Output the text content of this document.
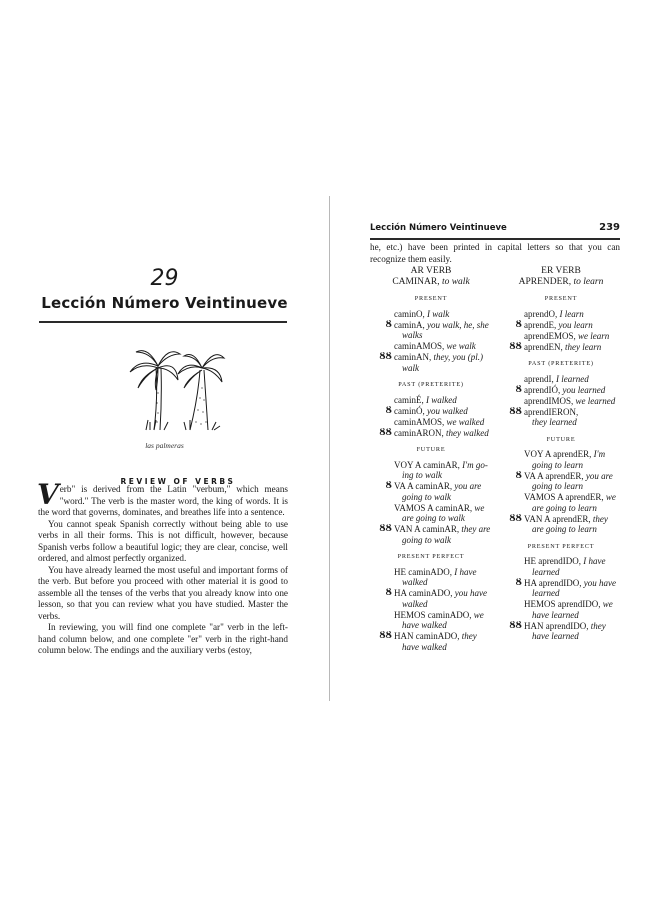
29
Lección Número Veintinueve
las palmeras
REVIEW OF VERBS

Verb" is derived from the Latin "verbum," which means "word." The verb is the master word, the king of words. It is the word that governs, dominates, and breathes life into a sentence.

You cannot speak Spanish correctly without being able to use verbs in all their forms. This is not difficult, however, because Spanish verbs follow a beautiful logic; they are clear, concise, well ordered, and almost perfectly organized.

You have already learned the most useful and important forms of the verb. But before you proceed with other material it is good to assemble all the tenses of the verbs that you already know into one lesson, so that you can review what you have studied. Master the verbs.

In reviewing, you will find one complete "ar" verb in the left-hand column below, and one complete "er" verb in the right-hand column below. The endings and the auxiliary verbs (estoy,

Lección Número Veintinueve	239

he, etc.) have been printed in capital letters so that you can recognize them easily.

AR VERB
CAMINAR, to walk
PRESENT
caminO, I walk
Ȣ caminA, you walk, he, she
walks
caminAMOS, we walk
ȢȢ caminAN, they, you (pl.)
walk
PAST (PRETERITE)
caminÉ, I walked
Ȣ caminÓ, you walked
caminAMOS, we walked
ȢȢ caminARON, they walked
FUTURE
VOY A caminAR, I'm go-
ing to walk
Ȣ VA A caminAR, you are
going to walk
VAMOS A caminAR, we
are going to walk
ȢȢ VAN A caminAR, they are
going to walk
PRESENT PERFECT
HE caminADO, I have
walked
Ȣ HA caminADO, you have
walked
HEMOS caminADO, we
have walked
ȢȢ HAN caminADO, they
have walked
ER VERB
APRENDER, to learn
PRESENT
aprendO, I learn
Ȣ aprendE, you learn
aprendEMOS, we learn
ȢȢ aprendEN, they learn
PAST (PRETERITE)
aprendI, I learned
Ȣ aprendIÓ, you learned
aprendIMOS, we learned
ȢȢ aprendIERON,
they learned
FUTURE
VOY A aprendER, I'm
going to learn
Ȣ VA A aprendER, you are
going to learn
VAMOS A aprendER, we
are going to learn
ȢȢ VAN A aprendER, they
are going to learn
PRESENT PERFECT
HE aprendIDO, I have
learned
Ȣ HA aprendIDO, you have
learned
HEMOS aprendIDO, we
have learned
ȢȢ HAN aprendIDO, they
have learned
